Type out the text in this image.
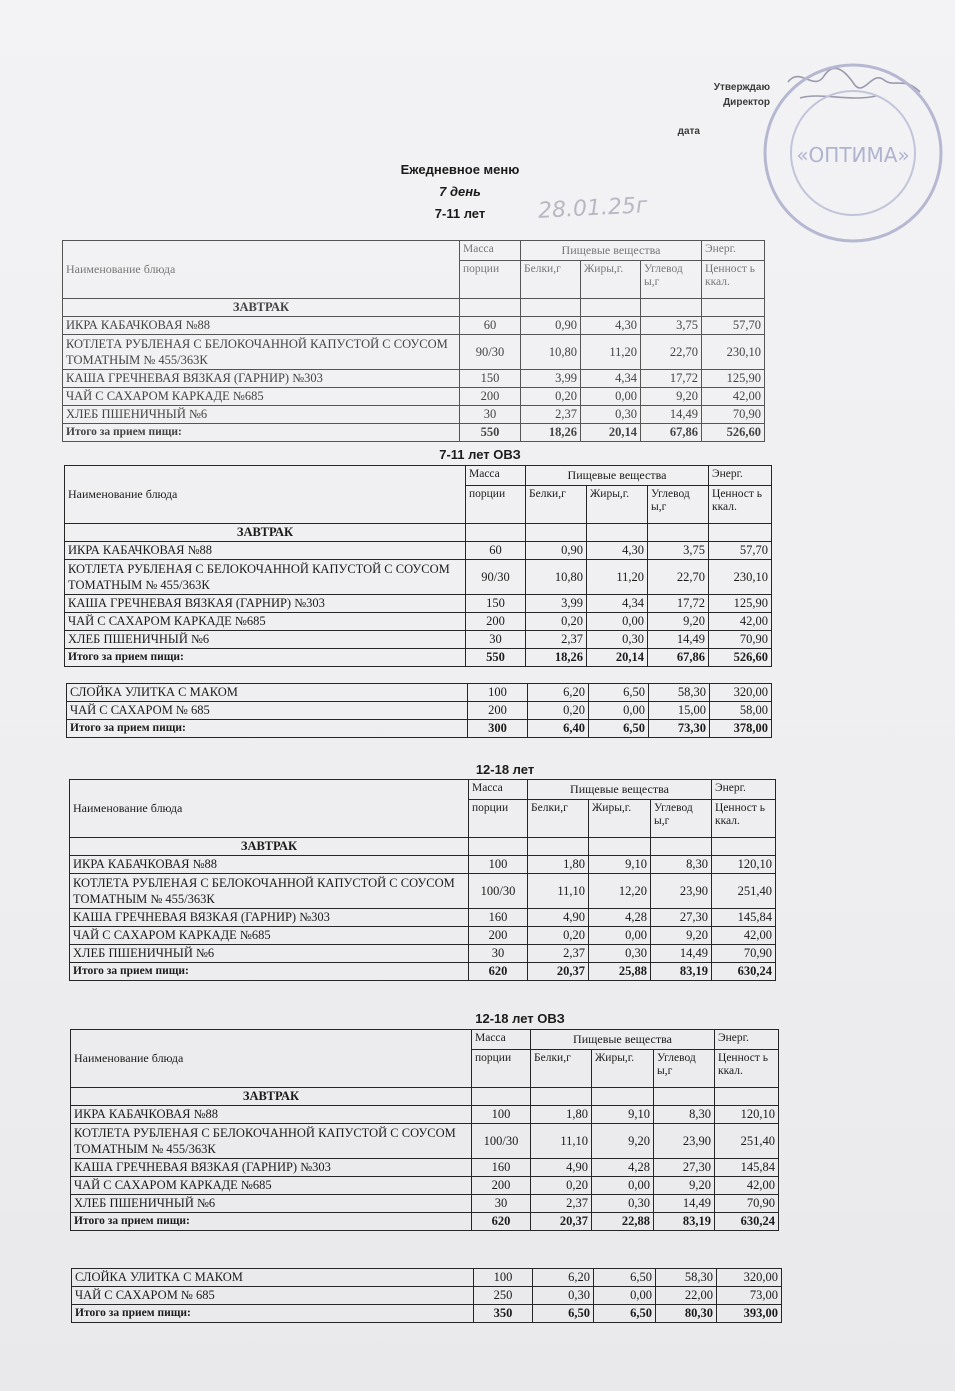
Утверждаю
Директор
дата
«ОПТИМА»
28.01.25г
Ежедневное меню
7 день
7-11 лет
Наименование блюда	Масса	Пищевые вещества			Энерг.
	порции	Белки,г	Жиры,г.	Углевод ы,г	Ценност ь ккал.
ЗАВТРАК					
ИКРА КАБАЧКОВАЯ №88	60	0,90	4,30	3,75	57,70
КОТЛЕТА РУБЛЕНАЯ С БЕЛОКОЧАННОЙ КАПУСТОЙ С СОУСОМ ТОМАТНЫМ № 455/363К	90/30	10,80	11,20	22,70	230,10
КАША ГРЕЧНЕВАЯ ВЯЗКАЯ (ГАРНИР) №303	150	3,99	4,34	17,72	125,90
ЧАЙ С САХАРОМ КАРКАДЕ №685	200	0,20	0,00	9,20	42,00
ХЛЕБ ПШЕНИЧНЫЙ №6	30	2,37	0,30	14,49	70,90
Итого за прием пищи:	550	18,26	20,14	67,86	526,60
7-11 лет ОВЗ
Наименование блюда	Масса	Пищевые вещества			Энерг.
	порции	Белки,г	Жиры,г.	Углевод ы,г	Ценност ь ккал.
ЗАВТРАК					
ИКРА КАБАЧКОВАЯ №88	60	0,90	4,30	3,75	57,70
КОТЛЕТА РУБЛЕНАЯ С БЕЛОКОЧАННОЙ КАПУСТОЙ С СОУСОМ ТОМАТНЫМ № 455/363К	90/30	10,80	11,20	22,70	230,10
КАША ГРЕЧНЕВАЯ ВЯЗКАЯ (ГАРНИР) №303	150	3,99	4,34	17,72	125,90
ЧАЙ С САХАРОМ КАРКАДЕ №685	200	0,20	0,00	9,20	42,00
ХЛЕБ ПШЕНИЧНЫЙ №6	30	2,37	0,30	14,49	70,90
Итого за прием пищи:	550	18,26	20,14	67,86	526,60
СЛОЙКА УЛИТКА С МАКОМ	100	6,20	6,50	58,30	320,00
ЧАЙ С САХАРОМ № 685	200	0,20	0,00	15,00	58,00
Итого за прием пищи:	300	6,40	6,50	73,30	378,00
12-18 лет
Наименование блюда	Масса	Пищевые вещества			Энерг.
	порции	Белки,г	Жиры,г.	Углевод ы,г	Ценност ь ккал.
ЗАВТРАК					
ИКРА КАБАЧКОВАЯ №88	100	1,80	9,10	8,30	120,10
КОТЛЕТА РУБЛЕНАЯ С БЕЛОКОЧАННОЙ КАПУСТОЙ С СОУСОМ ТОМАТНЫМ № 455/363К	100/30	11,10	12,20	23,90	251,40
КАША ГРЕЧНЕВАЯ ВЯЗКАЯ (ГАРНИР) №303	160	4,90	4,28	27,30	145,84
ЧАЙ С САХАРОМ КАРКАДЕ №685	200	0,20	0,00	9,20	42,00
ХЛЕБ ПШЕНИЧНЫЙ №6	30	2,37	0,30	14,49	70,90
Итого за прием пищи:	620	20,37	25,88	83,19	630,24
12-18 лет ОВЗ
Наименование блюда	Масса	Пищевые вещества			Энерг.
	порции	Белки,г	Жиры,г.	Углевод ы,г	Ценност ь ккал.
ЗАВТРАК					
ИКРА КАБАЧКОВАЯ №88	100	1,80	9,10	8,30	120,10
КОТЛЕТА РУБЛЕНАЯ С БЕЛОКОЧАННОЙ КАПУСТОЙ С СОУСОМ ТОМАТНЫМ № 455/363К	100/30	11,10	9,20	23,90	251,40
КАША ГРЕЧНЕВАЯ ВЯЗКАЯ (ГАРНИР) №303	160	4,90	4,28	27,30	145,84
ЧАЙ С САХАРОМ КАРКАДЕ №685	200	0,20	0,00	9,20	42,00
ХЛЕБ ПШЕНИЧНЫЙ №6	30	2,37	0,30	14,49	70,90
Итого за прием пищи:	620	20,37	22,88	83,19	630,24
СЛОЙКА УЛИТКА С МАКОМ	100	6,20	6,50	58,30	320,00
ЧАЙ С САХАРОМ № 685	250	0,30	0,00	22,00	73,00
Итого за прием пищи:	350	6,50	6,50	80,30	393,00
